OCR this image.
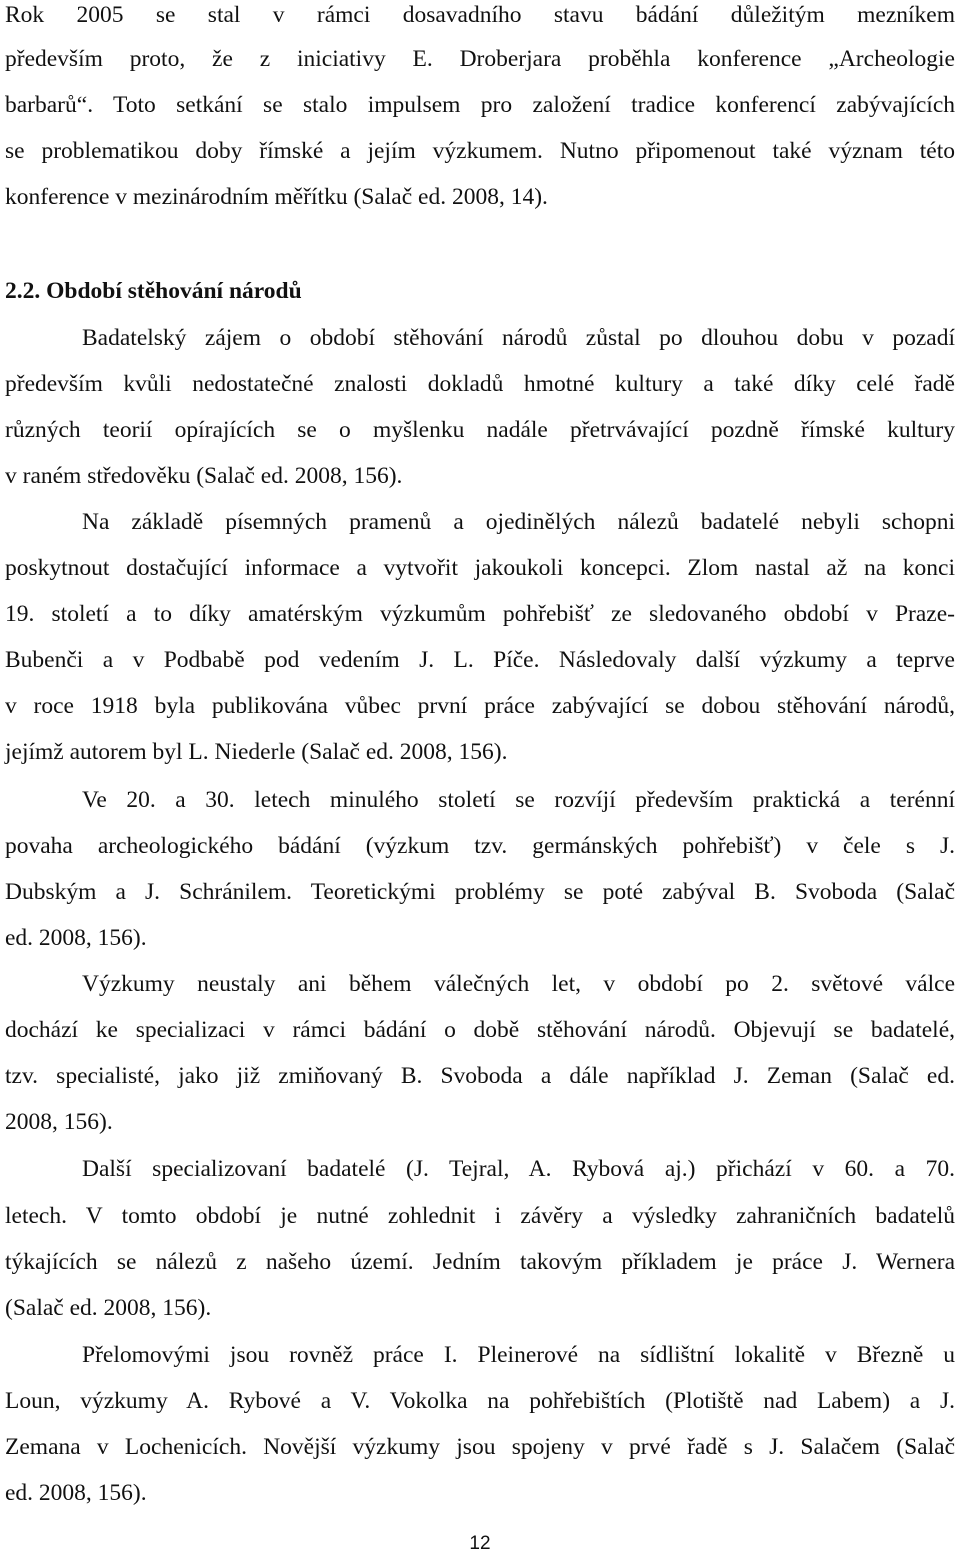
Rok 2005 se stal v rámci dosavadního stavu bádání důležitým mezníkem
především proto, že z iniciativy E. Droberjara proběhla konference „Archeologie
barbarů“. Toto setkání se stalo impulsem pro založení tradice konferencí zabývajících
se problematikou doby římské a jejím výzkumem. Nutno připomenout také význam této
konference v mezinárodním měřítku (Salač ed. 2008, 14).
2.2. Období stěhování národů
Badatelský zájem o období stěhování národů zůstal po dlouhou dobu v pozadí
především kvůli nedostatečné znalosti dokladů hmotné kultury a také díky celé řadě
různých teorií opírajících se o myšlenku nadále přetrvávající pozdně římské kultury
v raném středověku (Salač ed. 2008, 156).
Na základě písemných pramenů a ojedinělých nálezů badatelé nebyli schopni
poskytnout dostačující informace a vytvořit jakoukoli koncepci. Zlom nastal až na konci
19. století a to díky amatérským výzkumům pohřebišť ze sledovaného období v Praze-
Bubenči a v Podbabě pod vedením J. L. Píče. Následovaly další výzkumy a teprve
v roce 1918 byla publikována vůbec první práce zabývající se dobou stěhování národů,
jejímž autorem byl L. Niederle (Salač ed. 2008, 156).
Ve 20. a 30. letech minulého století se rozvíjí především praktická a terénní
povaha archeologického bádání (výzkum tzv. germánských pohřebišť) v čele s J.
Dubským a J. Schránilem. Teoretickými problémy se poté zabýval B. Svoboda (Salač
ed. 2008, 156).
Výzkumy neustaly ani během válečných let, v období po 2. světové válce
dochází ke specializaci v rámci bádání o době stěhování národů. Objevují se badatelé,
tzv. specialisté, jako již zmiňovaný B. Svoboda a dále například J. Zeman (Salač ed.
2008, 156).
Další specializovaní badatelé (J. Tejral, A. Rybová aj.) přichází v 60. a 70.
letech. V tomto období je nutné zohlednit i závěry a výsledky zahraničních badatelů
týkajících se nálezů z našeho území. Jedním takovým příkladem je práce J. Wernera
(Salač ed. 2008, 156).
Přelomovými jsou rovněž práce I. Pleinerové na sídlištní lokalitě v Březně u
Loun, výzkumy A. Rybové a V. Vokolka na pohřebištích (Plotiště nad Labem) a J.
Zemana v Lochenicích. Novější výzkumy jsou spojeny v prvé řadě s J. Salačem (Salač
ed. 2008, 156).
12
